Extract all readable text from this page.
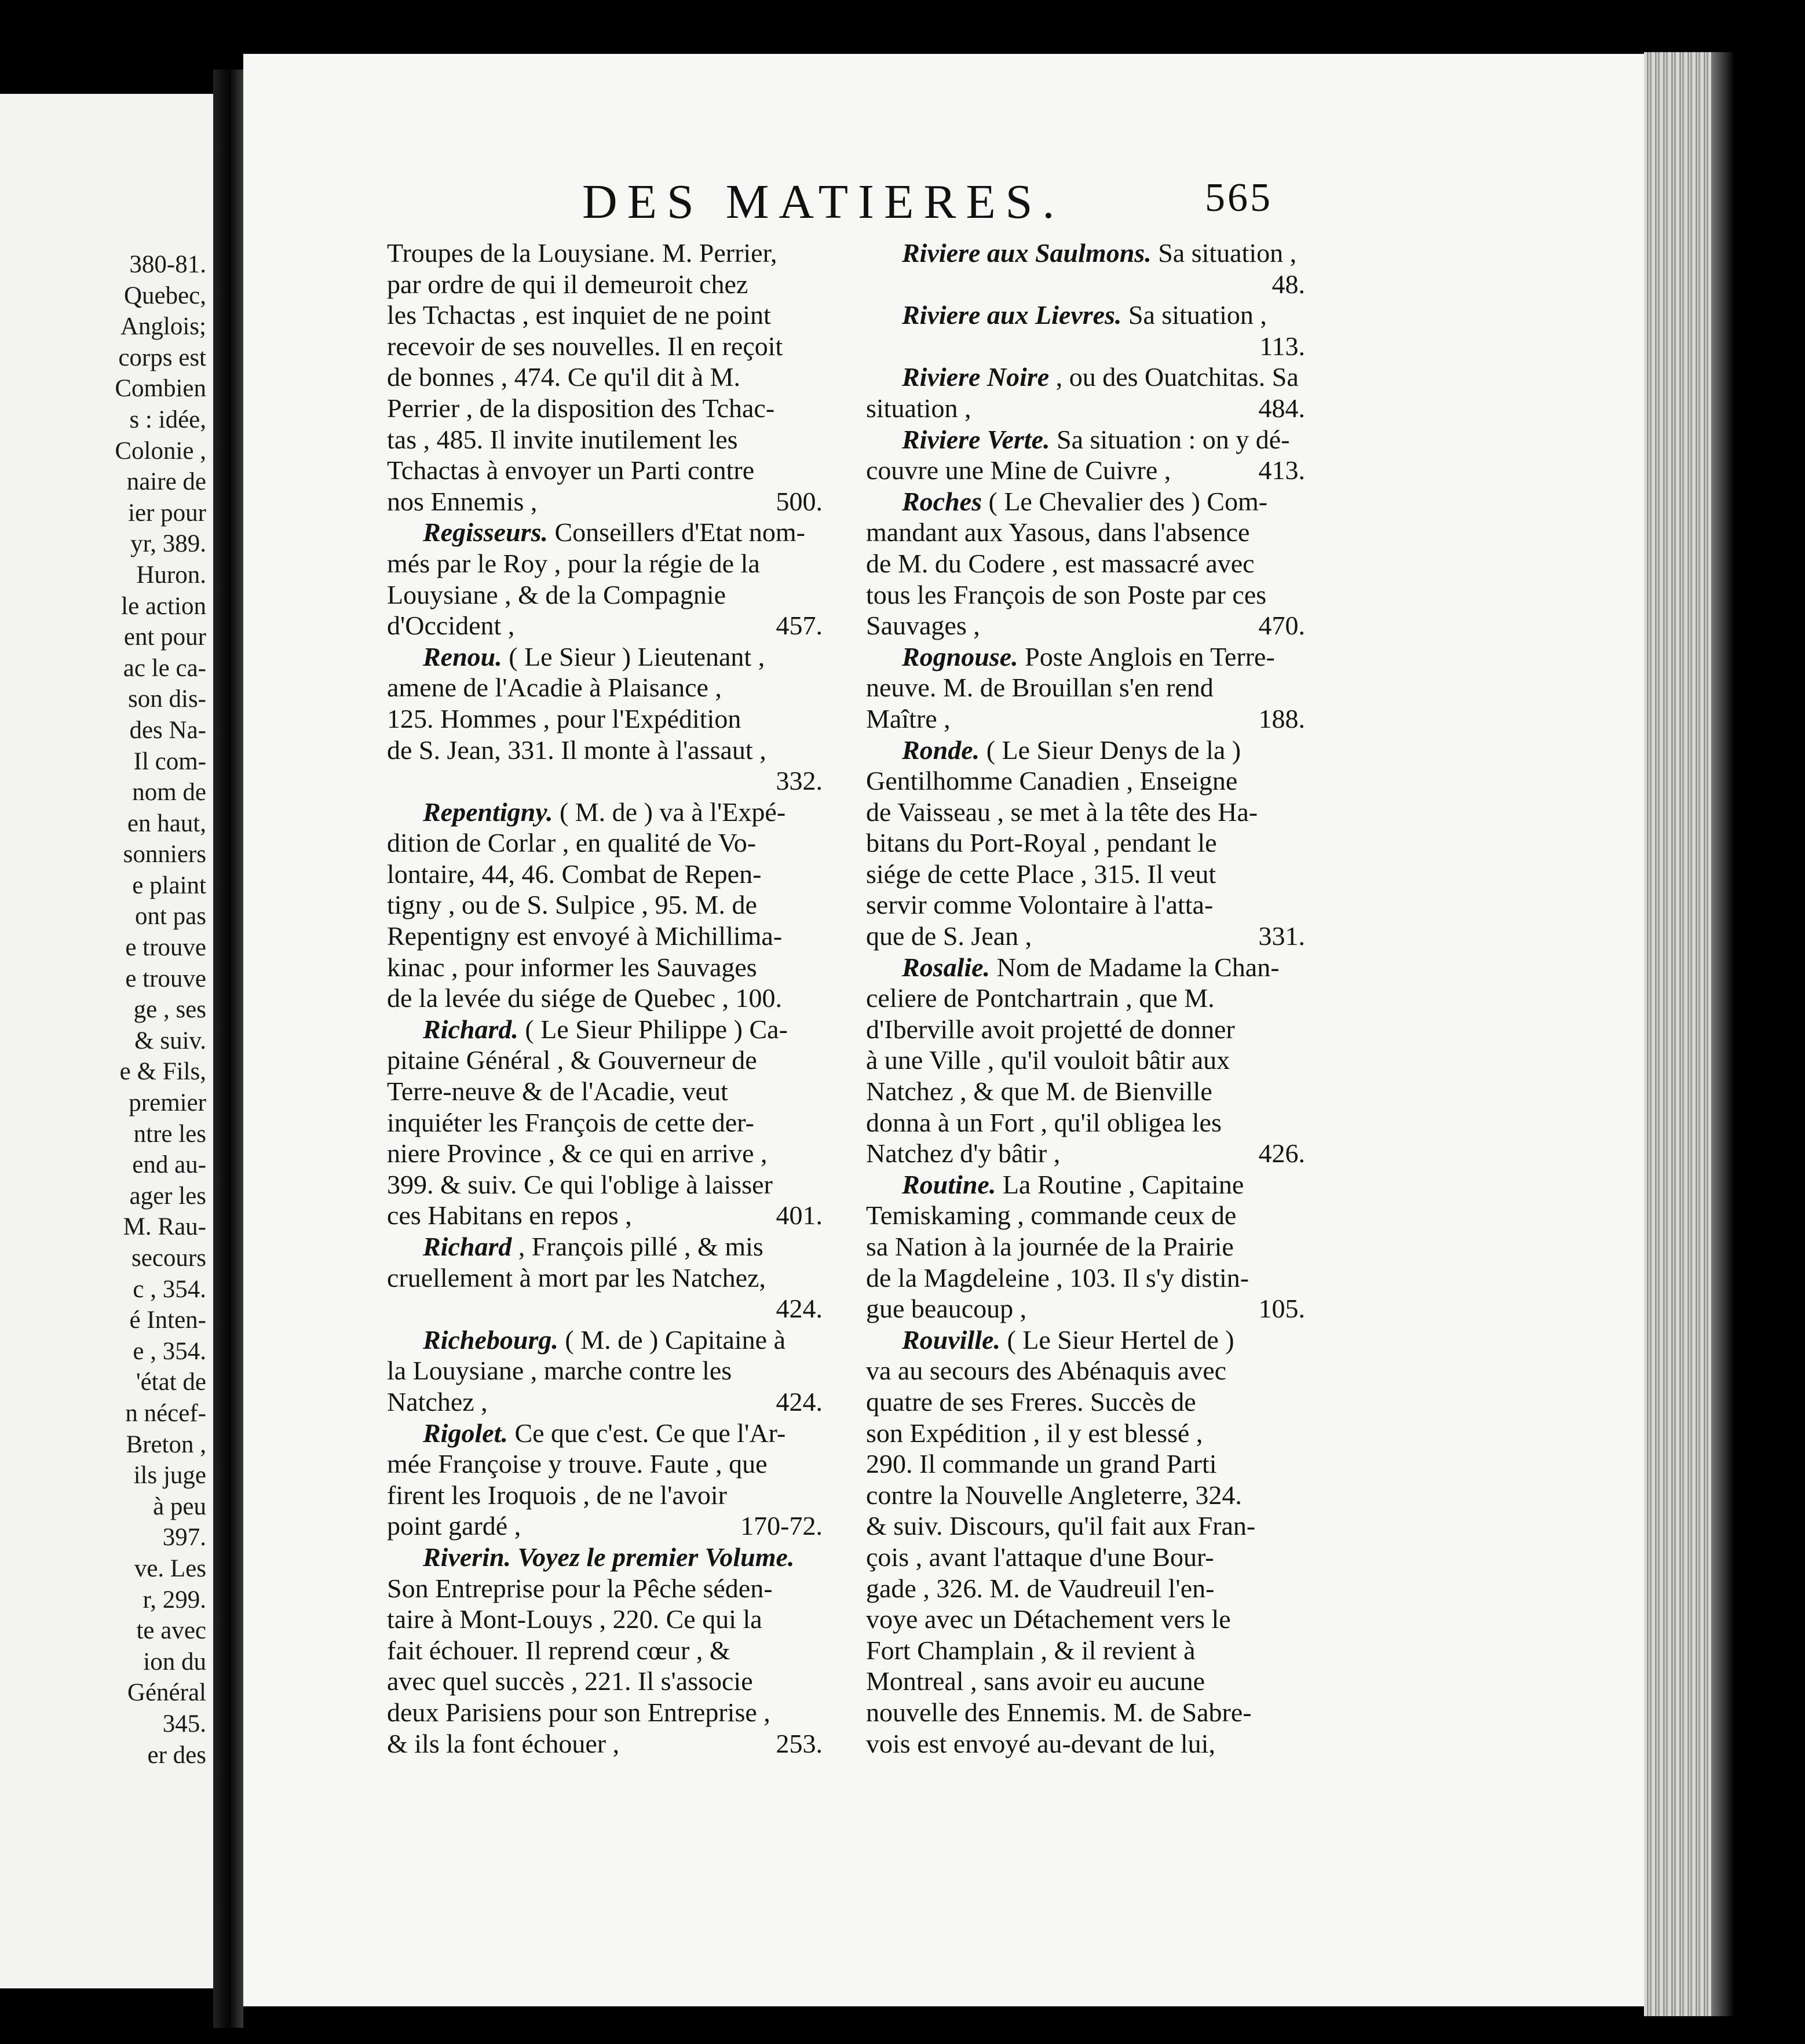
380-81.
Quebec,
Anglois;
corps est
Combien
s : idée,
Colonie ,
naire de
ier pour
yr, 389.
Huron.
le action
ent pour
ac le ca-
son dis-
des Na-
Il com-
nom de
en haut,
sonniers
e plaint
ont pas
e trouve
e trouve
ge , ses
& suiv.
e & Fils,
premier
ntre les
end au-
ager les
M. Rau-
secours
c , 354.
é Inten-
e , 354.
'état de
n nécef-
Breton ,
ils juge
à peu
397.
ve. Les
r, 299.
te avec
ion du
Général
345.
er des
DES MATIERES.	565
Troupes de la Louysiane. M. Perrier,
par ordre de qui il demeuroit chez
les Tchactas , est inquiet de ne point
recevoir de ses nouvelles. Il en reçoit
de bonnes , 474. Ce qu'il dit à M.
Perrier , de la disposition des Tchac-
tas , 485. Il invite inutilement les
Tchactas à envoyer un Parti contre
nos Ennemis ,	500.
Regisseurs. Conseillers d'Etat nom-
més par le Roy , pour la régie de la
Louysiane , & de la Compagnie
d'Occident ,	457.
Renou. ( Le Sieur ) Lieutenant ,
amene de l'Acadie à Plaisance ,
125. Hommes , pour l'Expédition
de S. Jean, 331. Il monte à l'assaut ,
332.
Repentigny. ( M. de ) va à l'Expé-
dition de Corlar , en qualité de Vo-
lontaire, 44, 46. Combat de Repen-
tigny , ou de S. Sulpice , 95. M. de
Repentigny est envoyé à Michillima-
kinac , pour informer les Sauvages
de la levée du siége de Quebec , 100.
Richard. ( Le Sieur Philippe ) Ca-
pitaine Général , & Gouverneur de
Terre-neuve & de l'Acadie, veut
inquiéter les François de cette der-
niere Province , & ce qui en arrive ,
399. & suiv. Ce qui l'oblige à laisser
ces Habitans en repos ,	401.
Richard , François pillé , & mis
cruellement à mort par les Natchez,
424.
Richebourg. ( M. de ) Capitaine à
la Louysiane , marche contre les
Natchez ,	424.
Rigolet. Ce que c'est. Ce que l'Ar-
mée Françoise y trouve. Faute , que
firent les Iroquois , de ne l'avoir
point gardé ,	170-72.
Riverin. Voyez le premier Volume.
Son Entreprise pour la Pêche séden-
taire à Mont-Louys , 220. Ce qui la
fait échouer. Il reprend cœur , &
avec quel succès , 221. Il s'associe
deux Parisiens pour son Entreprise ,
& ils la font échouer ,	253.
Riviere aux Saulmons. Sa situation ,
48.
Riviere aux Lievres. Sa situation ,
113.
Riviere Noire , ou des Ouatchitas. Sa
situation ,	484.
Riviere Verte. Sa situation : on y dé-
couvre une Mine de Cuivre ,	413.
Roches ( Le Chevalier des ) Com-
mandant aux Yasous, dans l'absence
de M. du Codere , est massacré avec
tous les François de son Poste par ces
Sauvages ,	470.
Rognouse. Poste Anglois en Terre-
neuve. M. de Brouillan s'en rend
Maître ,	188.
Ronde. ( Le Sieur Denys de la )
Gentilhomme Canadien , Enseigne
de Vaisseau , se met à la tête des Ha-
bitans du Port-Royal , pendant le
siége de cette Place , 315. Il veut
servir comme Volontaire à l'atta-
que de S. Jean ,	331.
Rosalie. Nom de Madame la Chan-
celiere de Pontchartrain , que M.
d'Iberville avoit projetté de donner
à une Ville , qu'il vouloit bâtir aux
Natchez , & que M. de Bienville
donna à un Fort , qu'il obligea les
Natchez d'y bâtir ,	426.
Routine. La Routine , Capitaine
Temiskaming , commande ceux de
sa Nation à la journée de la Prairie
de la Magdeleine , 103. Il s'y distin-
gue beaucoup ,	105.
Rouville. ( Le Sieur Hertel de )
va au secours des Abénaquis avec
quatre de ses Freres. Succès de
son Expédition , il y est blessé ,
290. Il commande un grand Parti
contre la Nouvelle Angleterre, 324.
& suiv. Discours, qu'il fait aux Fran-
çois , avant l'attaque d'une Bour-
gade , 326. M. de Vaudreuil l'en-
voye avec un Détachement vers le
Fort Champlain , & il revient à
Montreal , sans avoir eu aucune
nouvelle des Ennemis. M. de Sabre-
vois est envoyé au-devant de lui,
